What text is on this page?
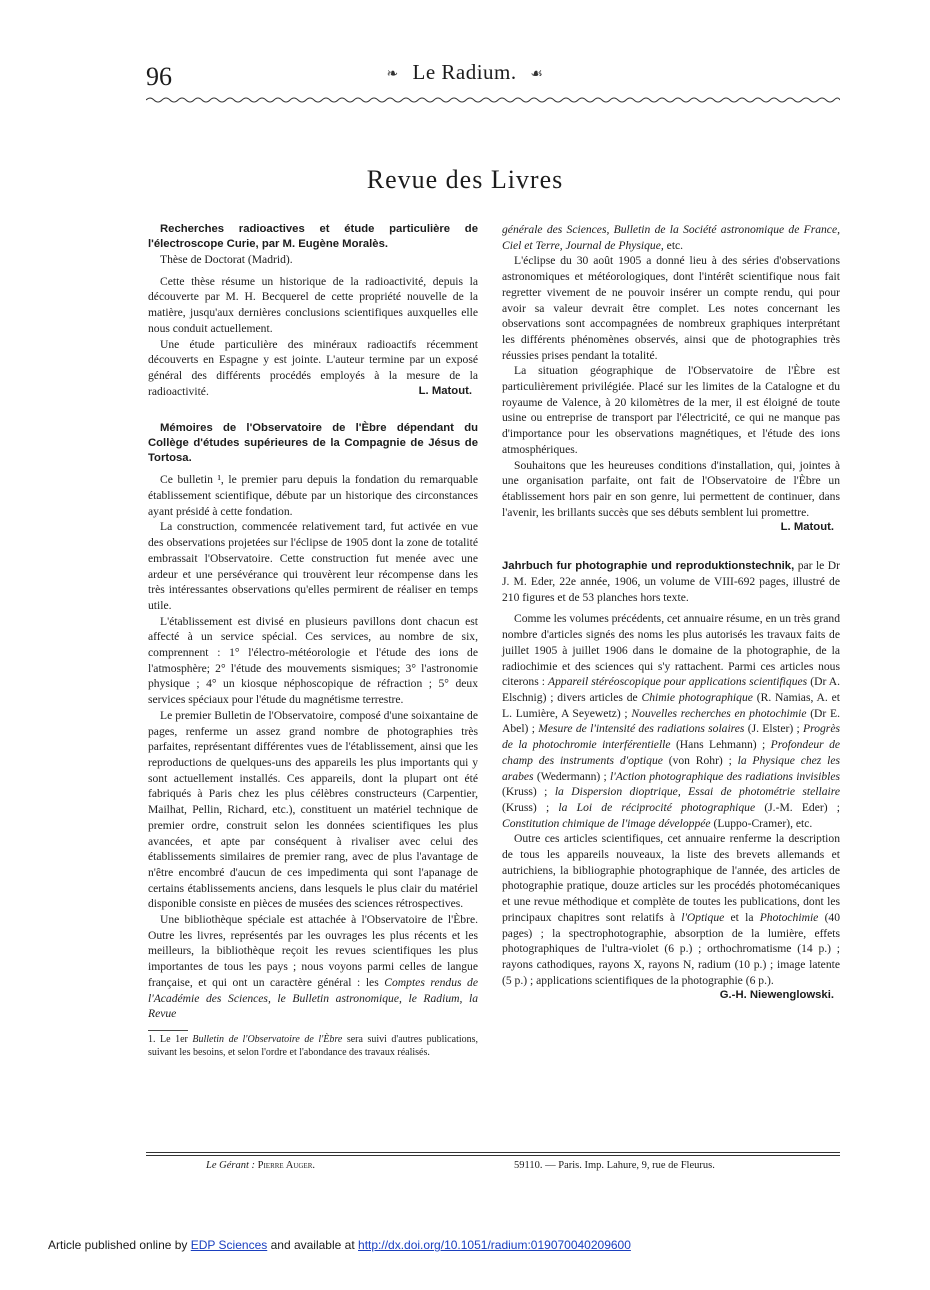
96	❧ Le Radium. ☙
Revue des Livres

Recherches radioactives et étude particulière de l'électroscope Curie, par M. Eugène Moralès.

Thèse de Doctorat (Madrid).

Cette thèse résume un historique de la radioactivité, depuis la découverte par M. H. Becquerel de cette propriété nouvelle de la matière, jusqu'aux dernières conclusions scientifiques auxquelles elle nous conduit actuellement.

Une étude particulière des minéraux radioactifs récemment découverts en Espagne y est jointe. L'auteur termine par un exposé général des différents procédés employés à la mesure de la radioactivité.	L. Matout.

Mémoires de l'Observatoire de l'Èbre dépendant du Collège d'études supérieures de la Compagnie de Jésus de Tortosa.

Ce bulletin ¹, le premier paru depuis la fondation du remarquable établissement scientifique, débute par un historique des circonstances ayant présidé à cette fondation.

La construction, commencée relativement tard, fut activée en vue des observations projetées sur l'éclipse de 1905 dont la zone de totalité embrassait l'Observatoire. Cette construction fut menée avec une ardeur et une persévérance qui trouvèrent leur récompense dans les très intéressantes observations qu'elles permirent de réaliser en temps utile.

L'établissement est divisé en plusieurs pavillons dont chacun est affecté à un service spécial. Ces services, au nombre de six, comprennent : 1° l'électro-météorologie et l'étude des ions de l'atmosphère; 2° l'étude des mouvements sismiques; 3° l'astronomie physique ; 4° un kiosque néphoscopique de réfraction ; 5° deux services spéciaux pour l'étude du magnétisme terrestre.

Le premier Bulletin de l'Observatoire, composé d'une soixantaine de pages, renferme un assez grand nombre de photographies très parfaites, représentant différentes vues de l'établissement, ainsi que les reproductions de quelques-uns des appareils les plus importants qui y sont actuellement installés. Ces appareils, dont la plupart ont été fabriqués à Paris chez les plus célèbres constructeurs (Carpentier, Mailhat, Pellin, Richard, etc.), constituent un matériel technique de premier ordre, construit selon les données scientifiques les plus avancées, et apte par conséquent à rivaliser avec celui des établissements similaires de premier rang, avec de plus l'avantage de n'être encombré d'aucun de ces impedimenta qui sont l'apanage de certains établissements anciens, dans lesquels le plus clair du matériel disponible consiste en pièces de musées des sciences rétrospectives.

Une bibliothèque spéciale est attachée à l'Observatoire de l'Èbre. Outre les livres, représentés par les ouvrages les plus récents et les meilleurs, la bibliothèque reçoit les revues scientifiques les plus importantes de tous les pays ; nous voyons parmi celles de langue française, et qui ont un caractère général : les Comptes rendus de l'Académie des Sciences, le Bulletin astronomique, le Radium, la Revue

1. Le 1er Bulletin de l'Observatoire de l'Èbre sera suivi d'autres publications, suivant les besoins, et selon l'ordre et l'abondance des travaux réalisés.

générale des Sciences, Bulletin de la Société astronomique de France, Ciel et Terre, Journal de Physique, etc.

L'éclipse du 30 août 1905 a donné lieu à des séries d'observations astronomiques et météorologiques, dont l'intérêt scientifique nous fait regretter vivement de ne pouvoir insérer un compte rendu, qui pour avoir sa valeur devrait être complet. Les notes concernant les observations sont accompagnées de nombreux graphiques interprétant les différents phénomènes observés, ainsi que de photographies très réussies prises pendant la totalité.

La situation géographique de l'Observatoire de l'Èbre est particulièrement privilégiée. Placé sur les limites de la Catalogne et du royaume de Valence, à 20 kilomètres de la mer, il est éloigné de toute usine ou entreprise de transport par l'électricité, ce qui ne manque pas d'importance pour les observations magnétiques, et l'étude des ions atmosphériques.

Souhaitons que les heureuses conditions d'installation, qui, jointes à une organisation parfaite, ont fait de l'Observatoire de l'Èbre un établissement hors pair en son genre, lui permettent de continuer, dans l'avenir, les brillants succès que ses débuts semblent lui promettre.

L. Matout.

Jahrbuch fur photographie und reproduktionstechnik, par le Dr J. M. Eder, 22e année, 1906, un volume de VIII-692 pages, illustré de 210 figures et de 53 planches hors texte.

Comme les volumes précédents, cet annuaire résume, en un très grand nombre d'articles signés des noms les plus autorisés les travaux faits de juillet 1905 à juillet 1906 dans le domaine de la photographie, de la radiochimie et des sciences qui s'y rattachent. Parmi ces articles nous citerons : Appareil stéréoscopique pour applications scientifiques (Dr A. Elschnig) ; divers articles de Chimie photographique (R. Namias, A. et L. Lumière, A Seyewetz) ; Nouvelles recherches en photochimie (Dr E. Abel) ; Mesure de l'intensité des radiations solaires (J. Elster) ; Progrès de la photochromie interférentielle (Hans Lehmann) ; Profondeur de champ des instruments d'optique (von Rohr) ; la Physique chez les arabes (Wedermann) ; l'Action photographique des radiations invisibles (Kruss) ; la Dispersion dioptrique, Essai de photométrie stellaire (Kruss) ; la Loi de réciprocité photographique (J.-M. Eder) ; Constitution chimique de l'image développée (Luppo-Cramer), etc.

Outre ces articles scientifiques, cet annuaire renferme la description de tous les appareils nouveaux, la liste des brevets allemands et autrichiens, la bibliographie photographique de l'année, des articles de photographie pratique, douze articles sur les procédés photomécaniques et une revue méthodique et complète de toutes les publications, dont les principaux chapitres sont relatifs à l'Optique et la Photochimie (40 pages) ; la spectrophotographie, absorption de la lumière, effets photographiques de l'ultra-violet (6 p.) ; orthochromatisme (14 p.) ; rayons cathodiques, rayons X, rayons N, radium (10 p.) ; image latente (5 p.) ; applications scientifiques de la photographie (6 p.).

G.-H. Niewenglowski.

Le Gérant : Pierre Auger.	59110. — Paris. Imp. Lahure, 9, rue de Fleurus.
Article published online by EDP Sciences and available at http://dx.doi.org/10.1051/radium:019070040209600
